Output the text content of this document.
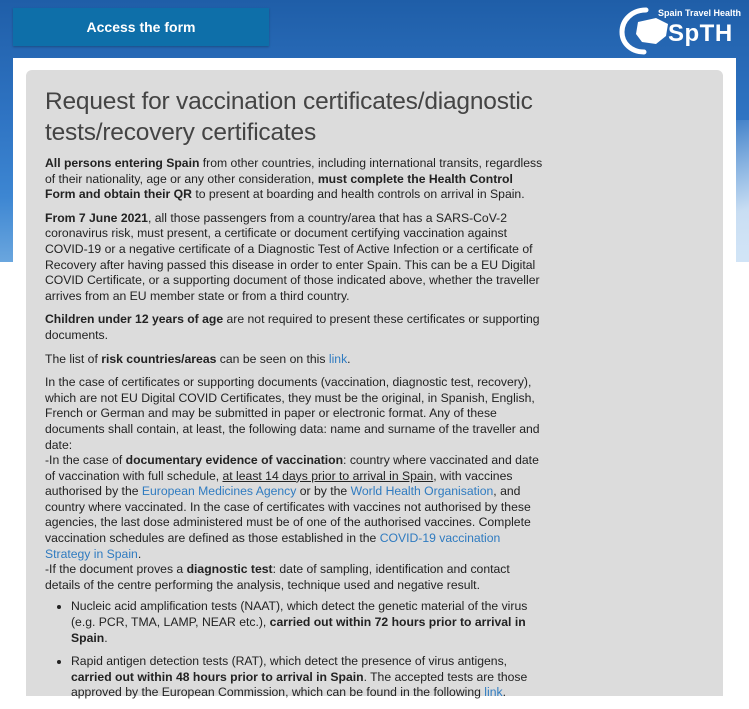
Access the form
Spain Travel Health
SpTH
Request for vaccination certificates/diagnostic tests/recovery certificates

All persons entering Spain from other countries, including international transits, regardless of their nationality, age or any other consideration, must complete the Health Control Form and obtain their QR to present at boarding and health controls on arrival in Spain.

From 7 June 2021, all those passengers from a country/area that has a SARS-CoV-2 coronavirus risk, must present, a certificate or document certifying vaccination against COVID-19 or a negative certificate of a Diagnostic Test of Active Infection or a certificate of Recovery after having passed this disease in order to enter Spain. This can be a EU Digital COVID Certificate, or a supporting document of those indicated above, whether the traveller arrives from an EU member state or from a third country.

Children under 12 years of age are not required to present these certificates or supporting documents.

The list of risk countries/areas can be seen on this link.

In the case of certificates or supporting documents (vaccination, diagnostic test, recovery), which are not EU Digital COVID Certificates, they must be the original, in Spanish, English, French or German and may be submitted in paper or electronic format. Any of these documents shall contain, at least, the following data: name and surname of the traveller and date:
-In the case of documentary evidence of vaccination: country where vaccinated and date of vaccination with full schedule, at least 14 days prior to arrival in Spain, with vaccines authorised by the European Medicines Agency or by the World Health Organisation, and country where vaccinated. In the case of certificates with vaccines not authorised by these agencies, the last dose administered must be of one of the authorised vaccines. Complete vaccination schedules are defined as those established in the COVID-19 vaccination Strategy in Spain.
-If the document proves a diagnostic test: date of sampling, identification and contact details of the centre performing the analysis, technique used and negative result.

• Nucleic acid amplification tests (NAAT), which detect the genetic material of the virus (e.g. PCR, TMA, LAMP, NEAR etc.), carried out within 72 hours prior to arrival in Spain.
• Rapid antigen detection tests (RAT), which detect the presence of virus antigens, carried out within 48 hours prior to arrival in Spain. The accepted tests are those approved by the European Commission, which can be found in the following link.
